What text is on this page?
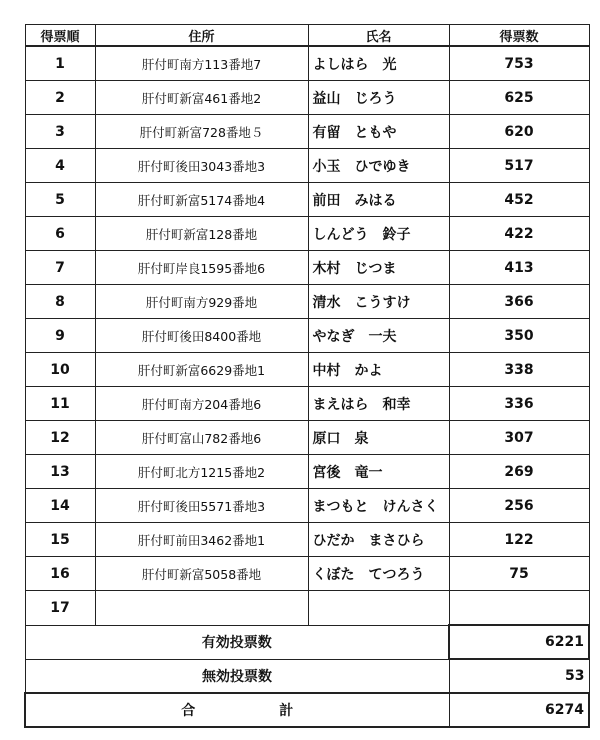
得票順	住所	氏名	得票数
1	肝付町南方113番地7	よしはら　光	753
2	肝付町新富461番地2	益山　じろう	625
3	肝付町新富728番地５	有留　ともや	620
4	肝付町後田3043番地3	小玉　ひでゆき	517
5	肝付町新富5174番地4	前田　みはる	452
6	肝付町新富128番地	しんどう　鈴子	422
7	肝付町岸良1595番地6	木村　じつま	413
8	肝付町南方929番地	清水　こうすけ	366
9	肝付町後田8400番地	やなぎ　一夫	350
10	肝付町新富6629番地1	中村　かよ	338
11	肝付町南方204番地6	まえはら　和幸	336
12	肝付町富山782番地6	原口　泉	307
13	肝付町北方1215番地2	宮後　竜一	269
14	肝付町後田5571番地3	まつもと　けんさく	256
15	肝付町前田3462番地1	ひだか　まさひら	122
16	肝付町新富5058番地	くぼた　てつろう	75
17			
有効投票数			6221
無効投票数			53

合 計			6274
